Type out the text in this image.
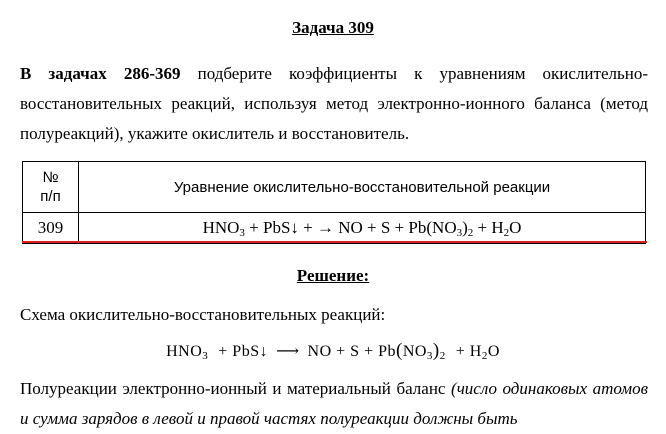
Задача 309
В задачах 286-369 подберите коэффициенты к уравнениям окислительно-восстановительных реакций, используя метод электронно-ионного баланса (метод полуреакций), укажите окислитель и восстановитель.
№
п/п	Уравнение окислительно-восстановительной реакции
309	$HNO_3$ + PbS↓ + → NO + $S + Pb(NO_3)_2 + H_2O$
Решение:
Схема окислительно-восстановительных реакций:
$HNO_3$ + PbS↓ ⟶ NO + $S + Pb(NO_3)_2 + H_2O$
Полуреакции электронно-ионный и материальный баланс (число одинаковых атомов и сумма зарядов в левой и правой частях полуреакции должны быть
